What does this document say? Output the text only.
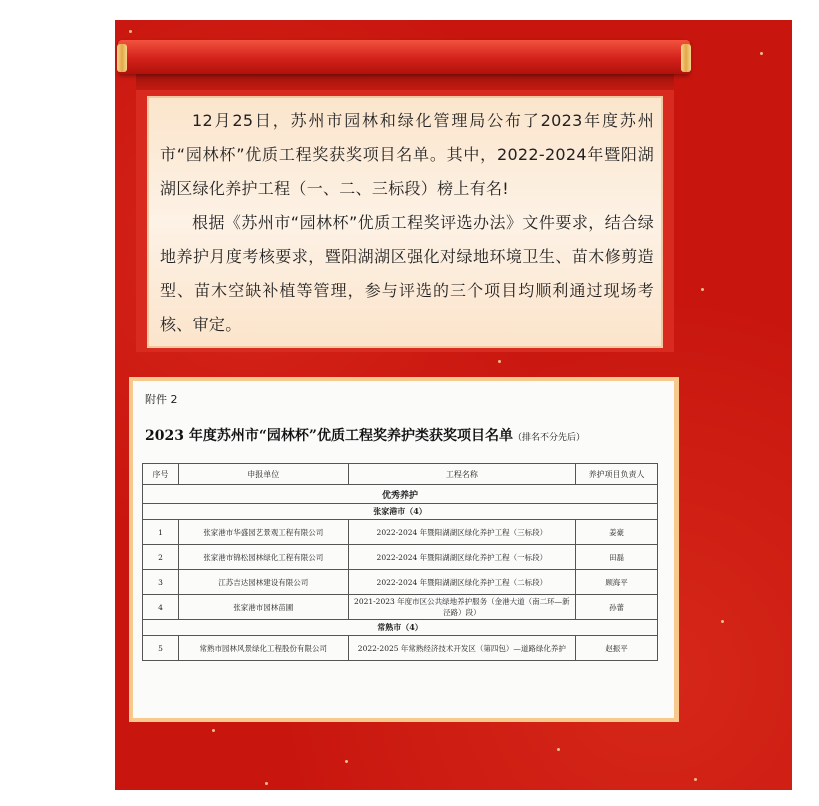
12月25日，苏州市园林和绿化管理局公布了2023年度苏州市“园林杯”优质工程奖获奖项目名单。其中，2022-2024年暨阳湖湖区绿化养护工程（一、二、三标段）榜上有名!

根据《苏州市“园林杯”优质工程奖评选办法》文件要求，结合绿地养护月度考核要求，暨阳湖湖区强化对绿地环境卫生、苗木修剪造型、苗木空缺补植等管理，参与评选的三个项目均顺利通过现场考核、审定。

附件 2
2023 年度苏州市“园林杯”优质工程奖养护类获奖项目名单（排名不分先后）
序号	申报单位	工程名称	养护项目负责人
优秀养护			
张家港市（4）			
1	张家港市华盛园艺景观工程有限公司	2022-2024 年暨阳湖湖区绿化养护工程（三标段）	姜豪
2	张家港市锦松园林绿化工程有限公司	2022-2024 年暨阳湖湖区绿化养护工程（一标段）	田磊
3	江苏吉达园林建设有限公司	2022-2024 年暨阳湖湖区绿化养护工程（二标段）	顾海平
4	张家港市园林苗圃	2021-2023 年度市区公共绿地养护服务（金港大道（南二环—新泾路）段）	孙蕾
常熟市（4）			
5	常熟市园林风景绿化工程股份有限公司	2022-2025 年常熟经济技术开发区（第四包）—道路绿化养护	赵振平
